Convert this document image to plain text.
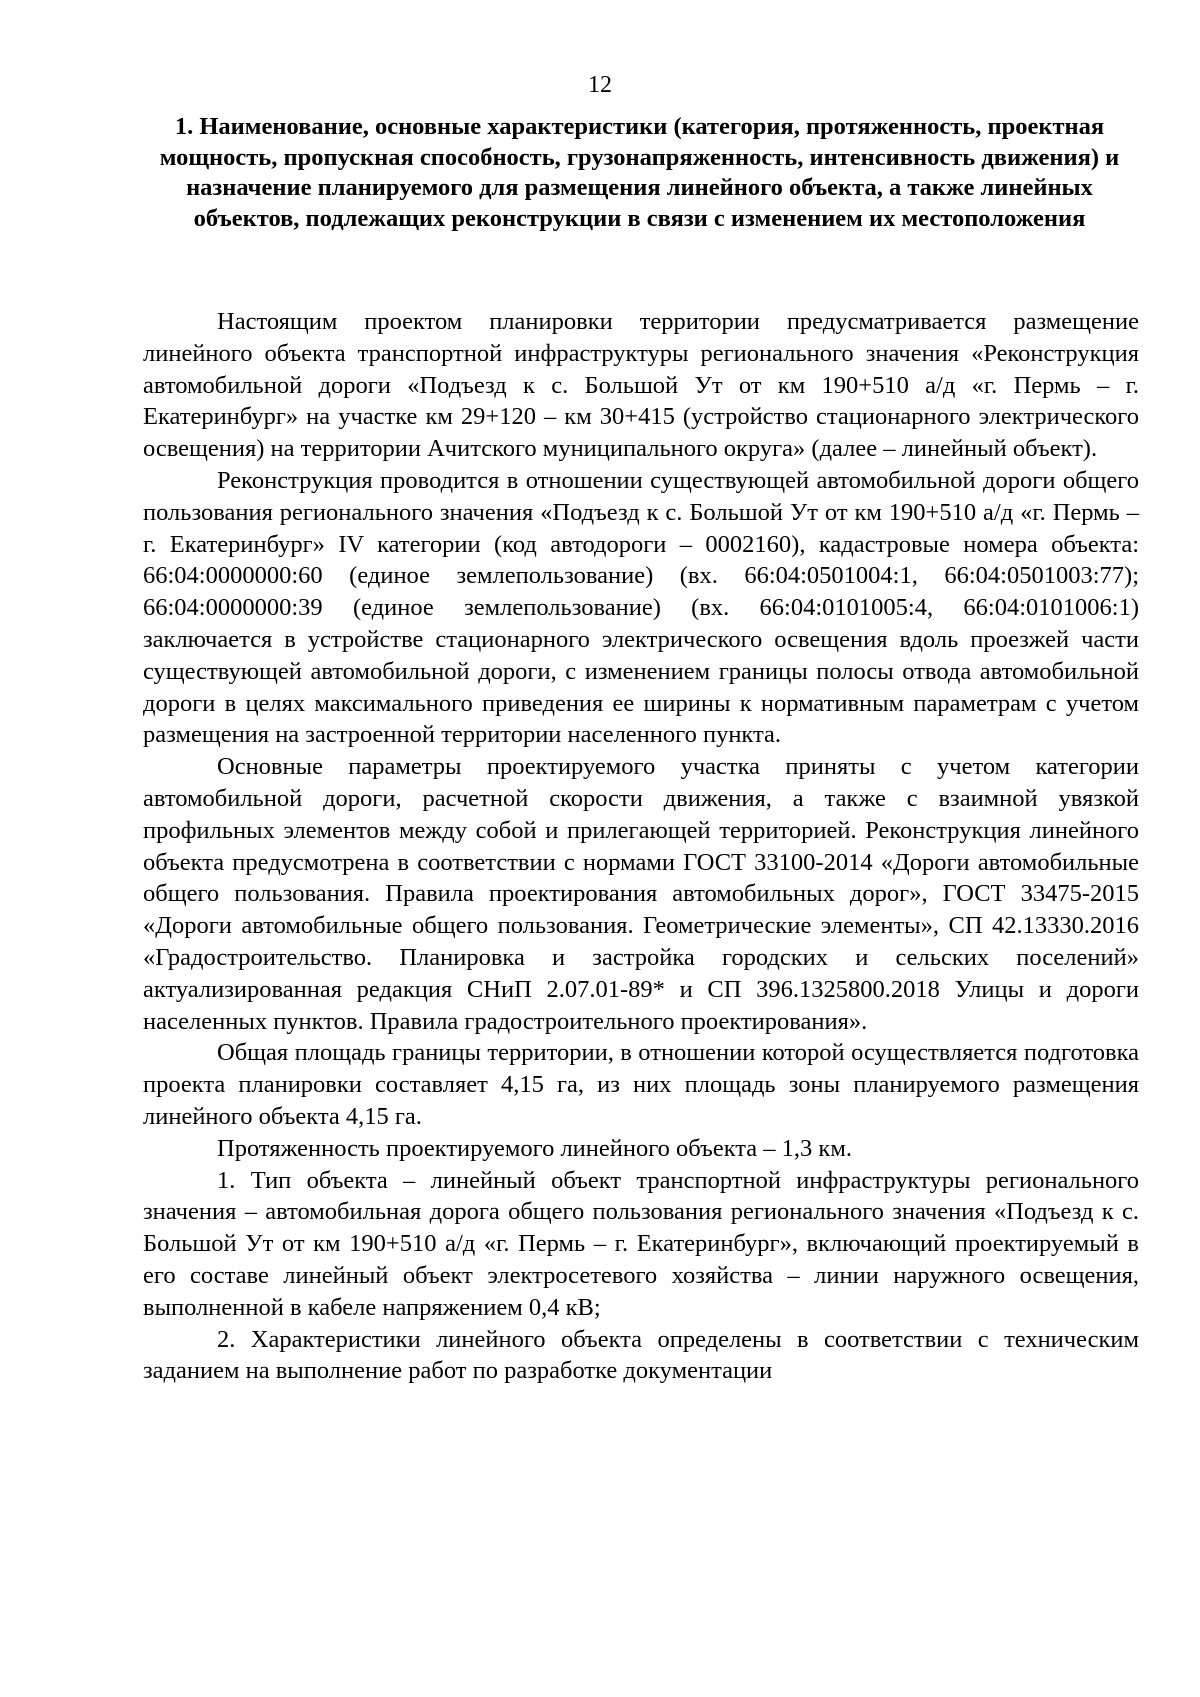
12
1. Наименование, основные характеристики (категория, протяженность, проектная мощность, пропускная способность, грузонапряженность, интенсивность движения) и назначение планируемого для размещения линейного объекта, а также линейных объектов, подлежащих реконструкции в связи с изменением их местоположения

Настоящим проектом планировки территории предусматривается размещение линейного объекта транспортной инфраструктуры регионального значения «Реконструкция автомобильной дороги «Подъезд к с. Большой Ут от км 190+510 а/д «г. Пермь – г. Екатеринбург» на участке км 29+120 – км 30+415 (устройство стационарного электрического освещения) на территории Ачитского муниципального округа» (далее – линейный объект).

Реконструкция проводится в отношении существующей автомобильной дороги общего пользования регионального значения «Подъезд к с. Большой Ут от км 190+510 а/д «г. Пермь – г. Екатеринбург» IV категории (код автодороги – 0002160), кадастровые номера объекта: 66:04:0000000:60 (единое землепользование) (вх. 66:04:0501004:1, 66:04:0501003:77); 66:04:0000000:39 (единое землепользование) (вх. 66:04:0101005:4, 66:04:0101006:1) заключается в устройстве стационарного электрического освещения вдоль проезжей части существующей автомобильной дороги, с изменением границы полосы отвода автомобильной дороги в целях максимального приведения ее ширины к нормативным параметрам с учетом размещения на застроенной территории населенного пункта.

Основные параметры проектируемого участка приняты с учетом категории автомобильной дороги, расчетной скорости движения, а также с взаимной увязкой профильных элементов между собой и прилегающей территорией. Реконструкция линейного объекта предусмотрена в соответствии с нормами ГОСТ 33100-2014 «Дороги автомобильные общего пользования. Правила проектирования автомобильных дорог», ГОСТ 33475-2015 «Дороги автомобильные общего пользования. Геометрические элементы», СП 42.13330.2016 «Градостроительство. Планировка и застройка городских и сельских поселений» актуализированная редакция СНиП 2.07.01-89* и СП 396.1325800.2018 Улицы и дороги населенных пунктов. Правила градостроительного проектирования».

Общая площадь границы территории, в отношении которой осуществляется подготовка проекта планировки составляет 4,15 га, из них площадь зоны планируемого размещения линейного объекта 4,15 га.

Протяженность проектируемого линейного объекта – 1,3 км.

1. Тип объекта – линейный объект транспортной инфраструктуры регионального значения – автомобильная дорога общего пользования регионального значения «Подъезд к с. Большой Ут от км 190+510 а/д «г. Пермь – г. Екатеринбург», включающий проектируемый в его составе линейный объект электросетевого хозяйства – линии наружного освещения, выполненной в кабеле напряжением 0,4 кВ;

2. Характеристики линейного объекта определены в соответствии с техническим заданием на выполнение работ по разработке документации
